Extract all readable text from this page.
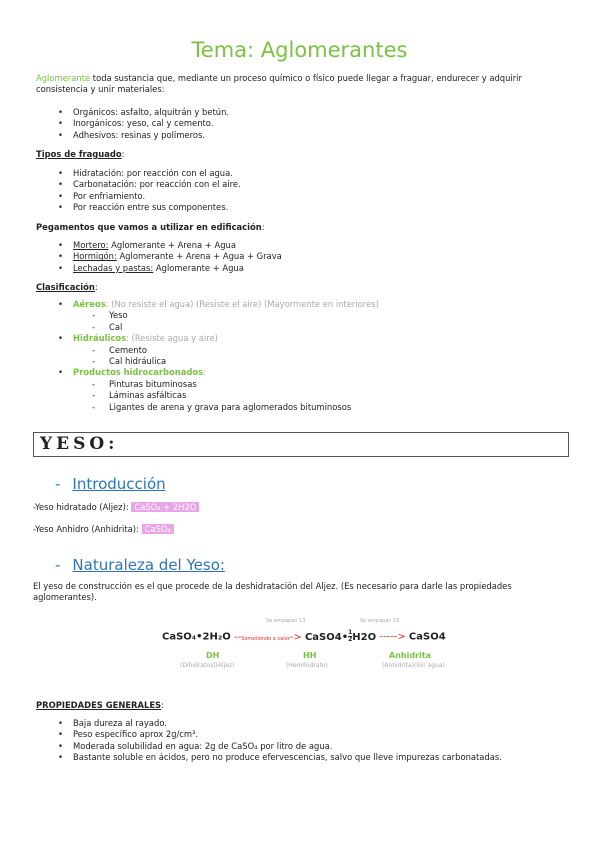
Tema: Aglomerantes
Aglomerante toda sustancia que, mediante un proceso químico o físico puede llegar a fraguar, endurecer y adquirir consistencia y unir materiales:
• Orgánicos: asfalto, alquitrán y betún.
• Inorgánicos: yeso, cal y cemento.
• Adhesivos: resinas y polímeros.
Tipos de fraguado:
• Hidratación: por reacción con el agua.
• Carbonatación: por reacción con el aire.
• Por enfriamiento.
• Por reacción entre sus componentes.
Pegamentos que vamos a utilizar en edificación:
• Mortero: Aglomerante + Arena + Agua
• Hormigón: Aglomerante + Arena + Agua + Grava
• Lechadas y pastas: Aglomerante + Agua
Clasificación:
• Aéreos: (No resiste el agua) (Resiste el aire) (Mayormente en interiores)
- Yeso
- Cal
• Hidráulicos: (Resiste agua y aire)
- Cemento
- Cal hidráulica
• Productos hidrocarbonados:
- Pinturas bituminosas
- Láminas asfálticas
- Ligantes de arena y grava para aglomerados bituminosos
YESO:
- Introducción
-Yeso hidratado (Aljez): CaSO₄ + 2H2O
-Yeso Anhidro (Anhidrita): CaSO₄
- Naturaleza del Yeso:
El yeso de construcción es el que procede de la deshidratación del Aljez. (Es necesario para darle las propiedades aglomerantes).
Se empapan 13	Se empapan 15
CaSO₄•2H₂O --Sometiendo a calor-> CaSO4• $\frac{1}{2} H2O$ -----> CaSO4
DH	HH	Anhidrita
(Dihidratos)(Aljez)	(Hemihidrato)	(Anhidrita)(Sin agua)
PROPIEDADES GENERALES:
• Baja dureza al rayado.
• Peso específico aprox 2g/cm³.
• Moderada solubilidad en agua: 2g de CaSO₄ por litro de agua.
• Bastante soluble en ácidos, pero no produce efervescencias, salvo que lleve impurezas carbonatadas.
